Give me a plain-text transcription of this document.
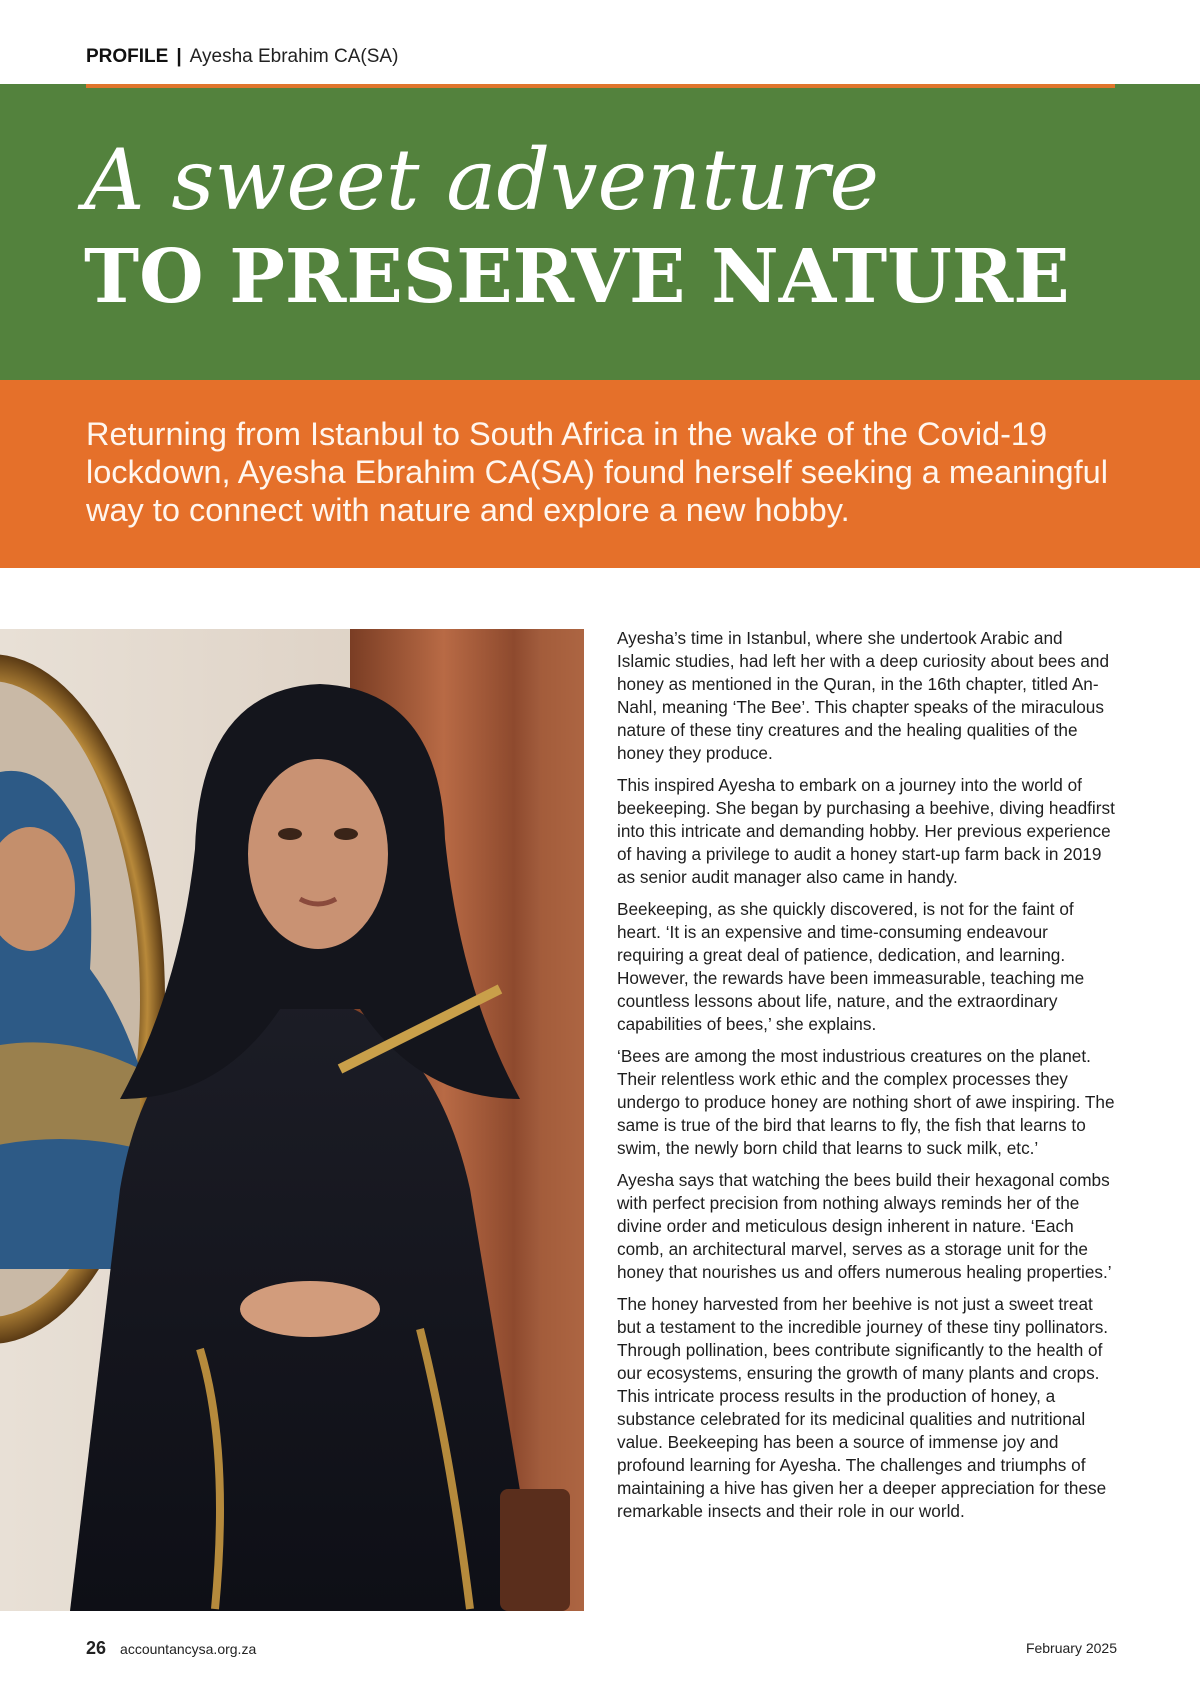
PROFILE | Ayesha Ebrahim CA(SA)
A sweet adventure
TO PRESERVE NATURE

Returning from Istanbul to South Africa in the wake of the Covid-19 lockdown, Ayesha Ebrahim CA(SA) found herself seeking a meaningful way to connect with nature and explore a new hobby.

Ayesha’s time in Istanbul, where she undertook Arabic and Islamic studies, had left her with a deep curiosity about bees and honey as mentioned in the Quran, in the 16th chapter, titled An-Nahl, meaning ‘The Bee’. This chapter speaks of the miraculous nature of these tiny creatures and the healing qualities of the honey they produce.

This inspired Ayesha to embark on a journey into the world of beekeeping. She began by purchasing a beehive, diving headfirst into this intricate and demanding hobby. Her previous experience of having a privilege to audit a honey start-up farm back in 2019 as senior audit manager also came in handy.

Beekeeping, as she quickly discovered, is not for the faint of heart. ‘It is an expensive and time-consuming endeavour requiring a great deal of patience, dedication, and learning. However, the rewards have been immeasurable, teaching me countless lessons about life, nature, and the extraordinary capabilities of bees,’ she explains.

‘Bees are among the most industrious creatures on the planet. Their relentless work ethic and the complex processes they undergo to produce honey are nothing short of awe inspiring. The same is true of the bird that learns to fly, the fish that learns to swim, the newly born child that learns to suck milk, etc.’

Ayesha says that watching the bees build their hexagonal combs with perfect precision from nothing always reminds her of the divine order and meticulous design inherent in nature. ‘Each comb, an architectural marvel, serves as a storage unit for the honey that nourishes us and offers numerous healing properties.’

The honey harvested from her beehive is not just a sweet treat but a testament to the incredible journey of these tiny pollinators. Through pollination, bees contribute significantly to the health of our ecosystems, ensuring the growth of many plants and crops. This intricate process results in the production of honey, a substance celebrated for its medicinal qualities and nutritional value. Beekeeping has been a source of immense joy and profound learning for Ayesha. The challenges and triumphs of maintaining a hive has given her a deeper appreciation for these remarkable insects and their role in our world.

26 accountancysa.org.za	February 2025
